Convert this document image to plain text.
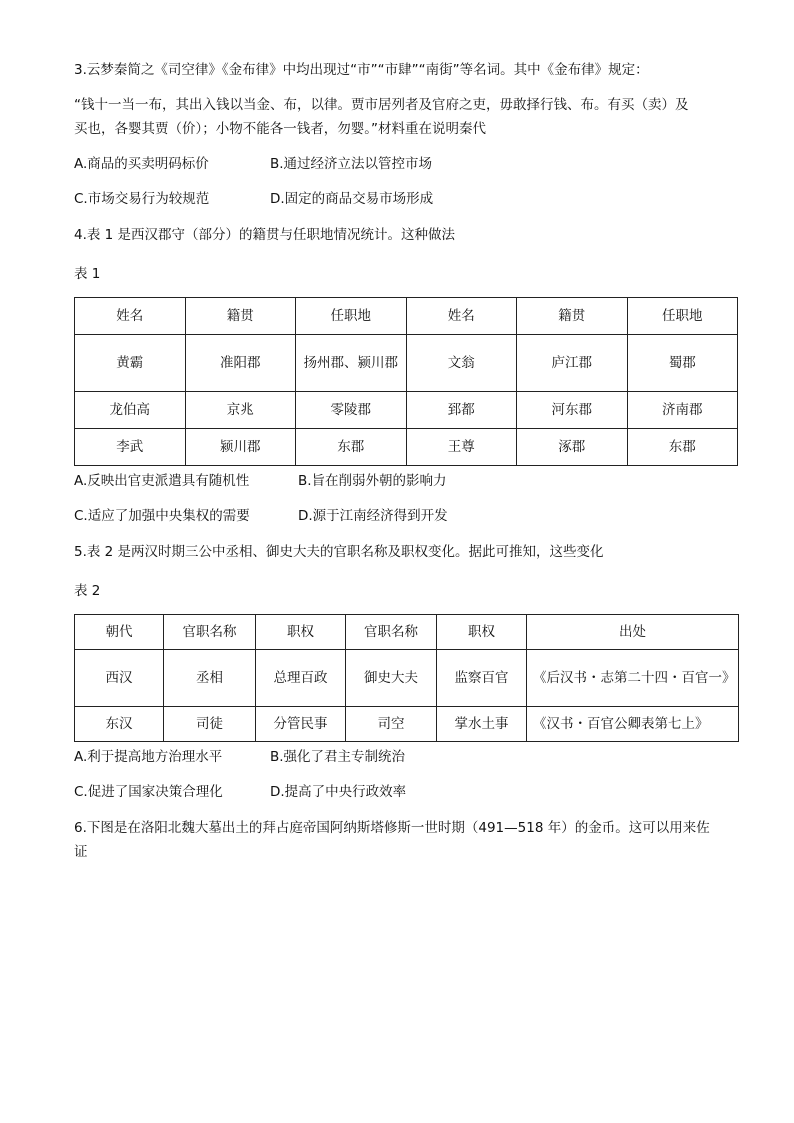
3.云梦秦简之《司空律》《金布律》中均出现过“市”“市肆”“南街”等名词。其中《金布律》规定：

“钱十一当一布，其出入钱以当金、布，以律。贾市居列者及官府之吏，毋敢择行钱、布。有买（卖）及

买也，各婴其贾（价）；小物不能各一钱者，勿婴。”材料重在说明秦代

A.商品的买卖明码标价	B.通过经济立法以管控市场
C.市场交易行为较规范	D.固定的商品交易市场形成

4.表 1 是西汉郡守（部分）的籍贯与任职地情况统计。这种做法

表 1

姓名	籍贯	任职地	姓名	籍贯	任职地
黄霸	准阳郡	扬州郡、颍川郡	文翁	庐江郡	蜀郡
龙伯高	京兆	零陵郡	郅都	河东郡	济南郡
李武	颍川郡	东郡	王尊	涿郡	东郡
A.反映出官吏派遣具有随机性	B.旨在削弱外朝的影响力
C.适应了加强中央集权的需要	D.源于江南经济得到开发

5.表 2 是两汉时期三公中丞相、御史大夫的官职名称及职权变化。据此可推知，这些变化

表 2

朝代	官职名称	职权	官职名称	职权	出处
西汉	丞相	总理百政	御史大夫	监察百官	《后汉书・志第二十四・百官一》
东汉	司徒	分管民事	司空	掌水土事	《汉书・百官公卿表第七上》
A.利于提高地方治理水平	B.强化了君主专制统治
C.促进了国家决策合理化	D.提高了中央行政效率

6.下图是在洛阳北魏大墓出土的拜占庭帝国阿纳斯塔修斯一世时期（491—518 年）的金币。这可以用来佐

证
